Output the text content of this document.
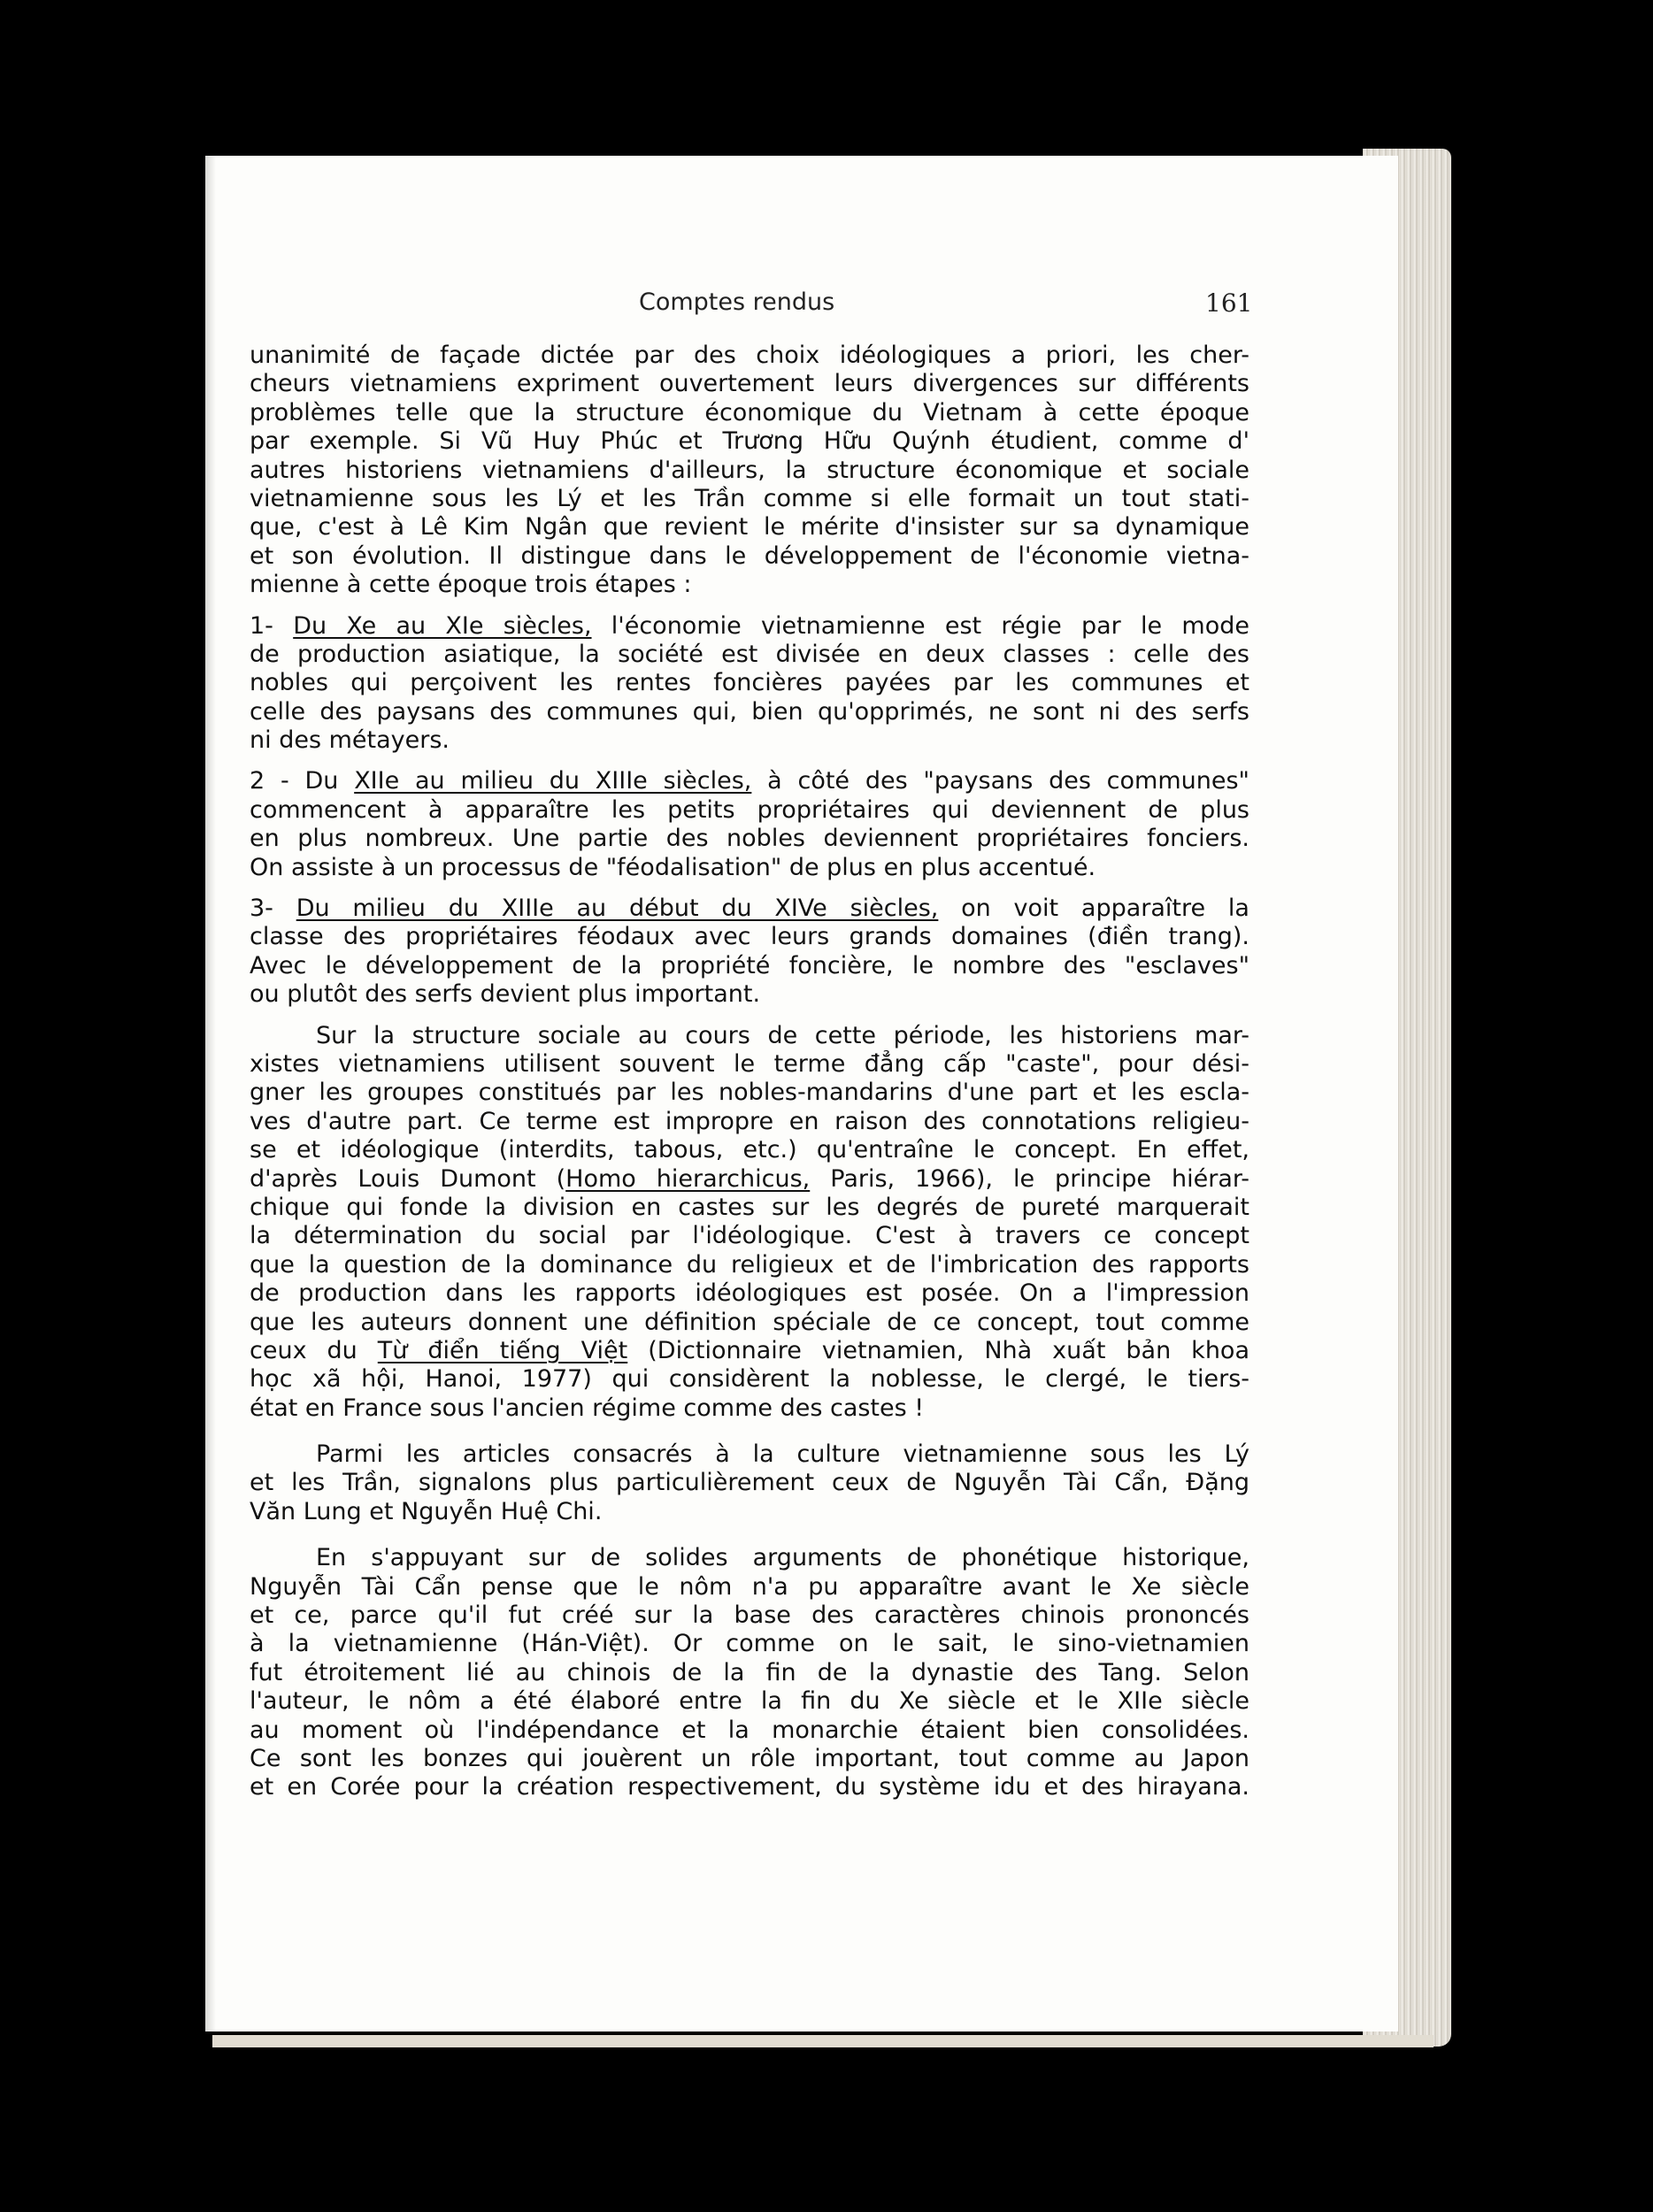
Comptes rendus	161
unanimité de façade dictée par des choix idéologiques a priori, les cher-
cheurs vietnamiens expriment ouvertement leurs divergences sur différents
problèmes telle que la structure économique du Vietnam à cette époque
par exemple. Si Vũ Huy Phúc et Trương Hữu Quýnh étudient, comme d'
autres historiens vietnamiens d'ailleurs, la structure économique et sociale
vietnamienne sous les Lý et les Trần comme si elle formait un tout stati-
que, c'est à Lê Kim Ngân que revient le mérite d'insister sur sa dynamique
et son évolution. Il distingue dans le développement de l'économie vietna-
mienne à cette époque trois étapes :
1- Du Xe au XIe siècles, l'économie vietnamienne est régie par le mode
de production asiatique, la société est divisée en deux classes : celle des
nobles qui perçoivent les rentes foncières payées par les communes et
celle des paysans des communes qui, bien qu'opprimés, ne sont ni des serfs
ni des métayers.
2 - Du XIIe au milieu du XIIIe siècles, à côté des "paysans des communes"
commencent à apparaître les petits propriétaires qui deviennent de plus
en plus nombreux. Une partie des nobles deviennent propriétaires fonciers.
On assiste à un processus de "féodalisation" de plus en plus accentué.
3- Du milieu du XIIIe au début du XIVe siècles, on voit apparaître la
classe des propriétaires féodaux avec leurs grands domaines (điền trang).
Avec le développement de la propriété foncière, le nombre des "esclaves"
ou plutôt des serfs devient plus important.
Sur la structure sociale au cours de cette période, les historiens mar-
xistes vietnamiens utilisent souvent le terme đẳng cấp "caste", pour dési-
gner les groupes constitués par les nobles-mandarins d'une part et les escla-
ves d'autre part. Ce terme est impropre en raison des connotations religieu-
se et idéologique (interdits, tabous, etc.) qu'entraîne le concept. En effet,
d'après Louis Dumont (Homo hierarchicus, Paris, 1966), le principe hiérar-
chique qui fonde la division en castes sur les degrés de pureté marquerait
la détermination du social par l'idéologique. C'est à travers ce concept
que la question de la dominance du religieux et de l'imbrication des rapports
de production dans les rapports idéologiques est posée. On a l'impression
que les auteurs donnent une définition spéciale de ce concept, tout comme
ceux du Từ điển tiếng Việt (Dictionnaire vietnamien, Nhà xuất bản khoa
học xã hội, Hanoi, 1977) qui considèrent la noblesse, le clergé, le tiers-
état en France sous l'ancien régime comme des castes !
Parmi les articles consacrés à la culture vietnamienne sous les Lý
et les Trần, signalons plus particulièrement ceux de Nguyễn Tài Cẩn, Đặng
Văn Lung et Nguyễn Huệ Chi.
En s'appuyant sur de solides arguments de phonétique historique,
Nguyễn Tài Cẩn pense que le nôm n'a pu apparaître avant le Xe siècle
et ce, parce qu'il fut créé sur la base des caractères chinois prononcés
à la vietnamienne (Hán-Việt). Or comme on le sait, le sino-vietnamien
fut étroitement lié au chinois de la fin de la dynastie des Tang. Selon
l'auteur, le nôm a été élaboré entre la fin du Xe siècle et le XIIe siècle
au moment où l'indépendance et la monarchie étaient bien consolidées.
Ce sont les bonzes qui jouèrent un rôle important, tout comme au Japon
et en Corée pour la création respectivement, du système idu et des hirayana.
